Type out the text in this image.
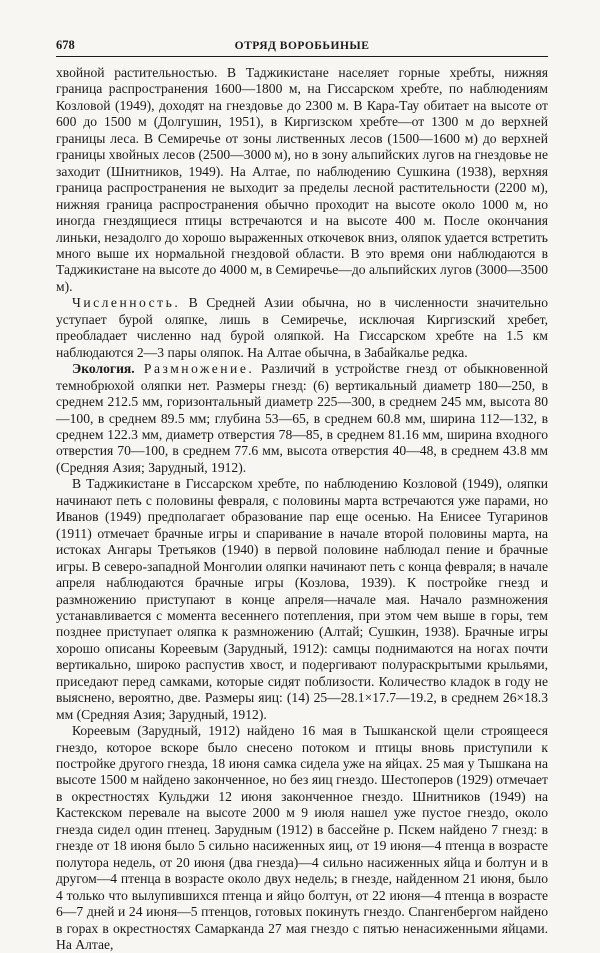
678	ОТРЯД ВОРОБЬИНЫЕ

хвойной растительностью. В Таджикистане населяет горные хребты, нижняя граница распространения 1600—1800 м, на Гиссарском хребте, по наблюдениям Козловой (1949), доходят на гнездовье до 2300 м. В Кара-Тау обитает на высоте от 600 до 1500 м (Долгушин, 1951), в Киргизском хребте—от 1300 м до верхней границы леса. В Семиречье от зоны лиственных лесов (1500—1600 м) до верхней границы хвойных лесов (2500—3000 м), но в зону альпийских лугов на гнездовье не заходит (Шнитников, 1949). На Алтае, по наблюдению Сушкина (1938), верхняя граница распространения не выходит за пределы лесной растительности (2200 м), нижняя граница распространения обычно проходит на высоте около 1000 м, но иногда гнездящиеся птицы встречаются и на высоте 400 м. После окончания линьки, незадолго до хорошо выраженных откочевок вниз, оляпок удается встретить много выше их нормальной гнездовой области. В это время они наблюдаются в Таджикистане на высоте до 4000 м, в Семиречье—до альпийских лугов (3000—3500 м).

Численность. В Средней Азии обычна, но в численности значительно уступает бурой оляпке, лишь в Семиречье, исключая Киргизский хребет, преобладает численно над бурой оляпкой. На Гиссарском хребте на 1.5 км наблюдаются 2—3 пары оляпок. На Алтае обычна, в Забайкалье редка.

Экология. Размножение. Различий в устройстве гнезд от обыкновенной темнобрюхой оляпки нет. Размеры гнезд: (6) вертикальный диаметр 180—250, в среднем 212.5 мм, горизонтальный диаметр 225—300, в среднем 245 мм, высота 80—100, в среднем 89.5 мм; глубина 53—65, в среднем 60.8 мм, ширина 112—132, в среднем 122.3 мм, диаметр отверстия 78—85, в среднем 81.16 мм, ширина входного отверстия 70—100, в среднем 77.6 мм, высота отверстия 40—48, в среднем 43.8 мм (Средняя Азия; Зарудный, 1912).

В Таджикистане в Гиссарском хребте, по наблюдению Козловой (1949), оляпки начинают петь с половины февраля, с половины марта встречаются уже парами, но Иванов (1949) предполагает образование пар еще осенью. На Енисее Тугаринов (1911) отмечает брачные игры и спаривание в начале второй половины марта, на истоках Ангары Третьяков (1940) в первой половине наблюдал пение и брачные игры. В северо-западной Монголии оляпки начинают петь с конца февраля; в начале апреля наблюдаются брачные игры (Козлова, 1939). К постройке гнезд и размножению приступают в конце апреля—начале мая. Начало размножения устанавливается с момента весеннего потепления, при этом чем выше в горы, тем позднее приступает оляпка к размножению (Алтай; Сушкин, 1938). Брачные игры хорошо описаны Кореевым (Зарудный, 1912): самцы поднимаются на ногах почти вертикально, широко распустив хвост, и подергивают полураскрытыми крыльями, приседают перед самками, которые сидят поблизости. Количество кладок в году не выяснено, вероятно, две. Размеры яиц: (14) 25—28.1×17.7—19.2, в среднем 26×18.3 мм (Средняя Азия; Зарудный, 1912).

Кореевым (Зарудный, 1912) найдено 16 мая в Тышканской щели строящееся гнездо, которое вскоре было снесено потоком и птицы вновь приступили к постройке другого гнезда, 18 июня самка сидела уже на яйцах. 25 мая у Тышкана на высоте 1500 м найдено законченное, но без яиц гнездо. Шестоперов (1929) отмечает в окрестностях Кульджи 12 июня законченное гнездо. Шнитников (1949) на Кастекском перевале на высоте 2000 м 9 июля нашел уже пустое гнездо, около гнезда сидел один птенец. Зарудным (1912) в бассейне р. Пскем найдено 7 гнезд: в гнезде от 18 июня было 5 сильно насиженных яиц, от 19 июня—4 птенца в возрасте полутора недель, от 20 июня (два гнезда)—4 сильно насиженных яйца и болтун и в другом—4 птенца в возрасте около двух недель; в гнезде, найденном 21 июня, было 4 только что вылупившихся птенца и яйцо болтун, от 22 июня—4 птенца в возрасте 6—7 дней и 24 июня—5 птенцов, готовых покинуть гнездо. Спангенбергом найдено в горах в окрестностях Самарканда 27 мая гнездо с пятью ненасиженными яйцами. На Алтае,
